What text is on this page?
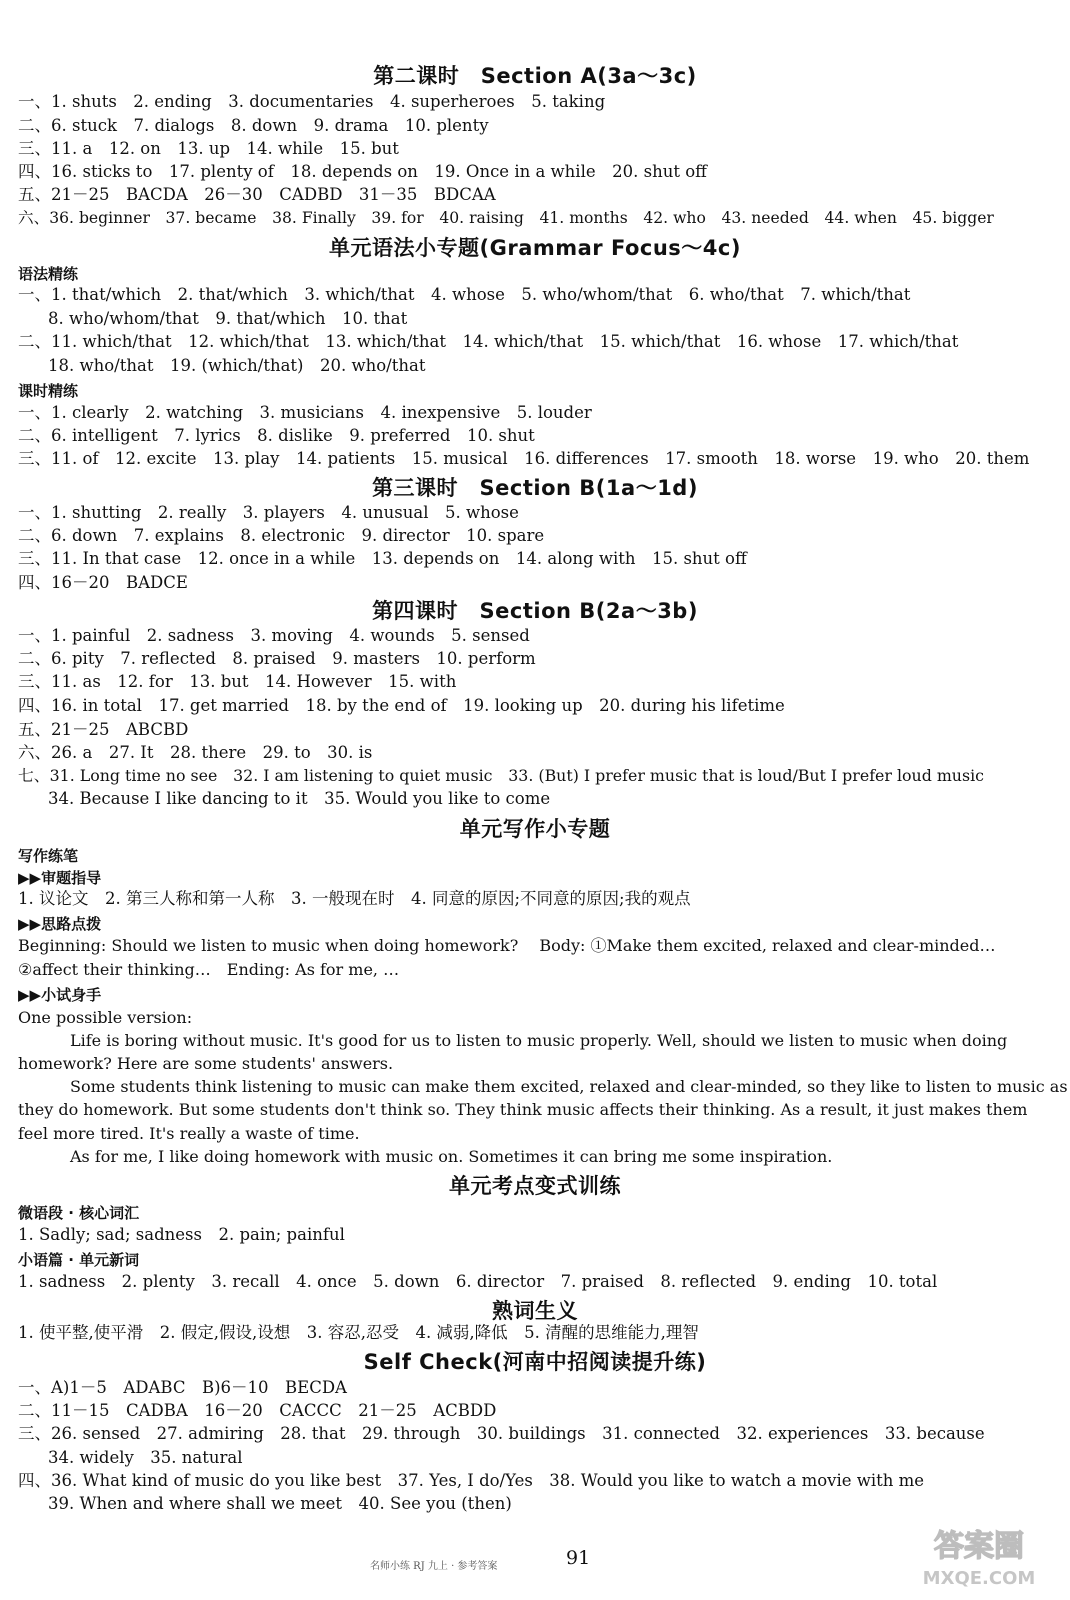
第二课时　Section A(3a～3c)
一、1. shuts　2. ending　3. documentaries　4. superheroes　5. taking
二、6. stuck　7. dialogs　8. down　9. drama　10. plenty
三、11. a　12. on　13. up　14. while　15. but
四、16. sticks to　17. plenty of　18. depends on　19. Once in a while　20. shut off
五、21－25　BACDA　26－30　CADBD　31－35　BDCAA
六、36. beginner　37. became　38. Finally　39. for　40. raising　41. months　42. who　43. needed　44. when　45. bigger
单元语法小专题(Grammar Focus～4c)
语法精练
一、1. that/which　2. that/which　3. which/that　4. whose　5. who/whom/that　6. who/that　7. which/that
8. who/whom/that　9. that/which　10. that
二、11. which/that　12. which/that　13. which/that　14. which/that　15. which/that　16. whose　17. which/that
18. who/that　19. (which/that)　20. who/that
课时精练
一、1. clearly　2. watching　3. musicians　4. inexpensive　5. louder
二、6. intelligent　7. lyrics　8. dislike　9. preferred　10. shut
三、11. of　12. excite　13. play　14. patients　15. musical　16. differences　17. smooth　18. worse　19. who　20. them
第三课时　Section B(1a～1d)
一、1. shutting　2. really　3. players　4. unusual　5. whose
二、6. down　7. explains　8. electronic　9. director　10. spare
三、11. In that case　12. once in a while　13. depends on　14. along with　15. shut off
四、16－20　BADCE
第四课时　Section B(2a～3b)
一、1. painful　2. sadness　3. moving　4. wounds　5. sensed
二、6. pity　7. reflected　8. praised　9. masters　10. perform
三、11. as　12. for　13. but　14. However　15. with
四、16. in total　17. get married　18. by the end of　19. looking up　20. during his lifetime
五、21－25　ABCBD
六、26. a　27. It　28. there　29. to　30. is
七、31. Long time no see　32. I am listening to quiet music　33. (But) I prefer music that is loud/But I prefer loud music
34. Because I like dancing to it　35. Would you like to come
单元写作小专题
写作练笔
▶▶审题指导
1. 议论文　2. 第三人称和第一人称　3. 一般现在时　4. 同意的原因;不同意的原因;我的观点
▶▶思路点拨
Beginning: Should we listen to music when doing homework?　 Body: ①Make them excited, relaxed and clear-minded…
②affect their thinking…　Ending: As for me, …
▶▶小试身手
One possible version:
Life is boring without music. It's good for us to listen to music properly. Well, should we listen to music when doing
homework? Here are some students' answers.
Some students think listening to music can make them excited, relaxed and clear-minded, so they like to listen to music as
they do homework. But some students don't think so. They think music affects their thinking. As a result, it just makes them
feel more tired. It's really a waste of time.
As for me, I like doing homework with music on. Sometimes it can bring me some inspiration.
单元考点变式训练
微语段 · 核心词汇
1. Sadly; sad; sadness　2. pain; painful
小语篇 · 单元新词
1. sadness　2. plenty　3. recall　4. once　5. down　6. director　7. praised　8. reflected　9. ending　10. total
熟词生义
1. 使平整,使平滑　2. 假定,假设,设想　3. 容忍,忍受　4. 减弱,降低　5. 清醒的思维能力,理智
Self Check(河南中招阅读提升练)
一、A)1－5　ADABC　B)6－10　BECDA
二、11－15　CADBA　16－20　CACCC　21－25　ACBDD
三、26. sensed　27. admiring　28. that　29. through　30. buildings　31. connected　32. experiences　33. because
34. widely　35. natural
四、36. What kind of music do you like best　37. Yes, I do/Yes　38. Would you like to watch a movie with me
39. When and where shall we meet　40. See you (then)
名师小练 RJ 九上 · 参考答案	91	答案圈
MXQE.COM
